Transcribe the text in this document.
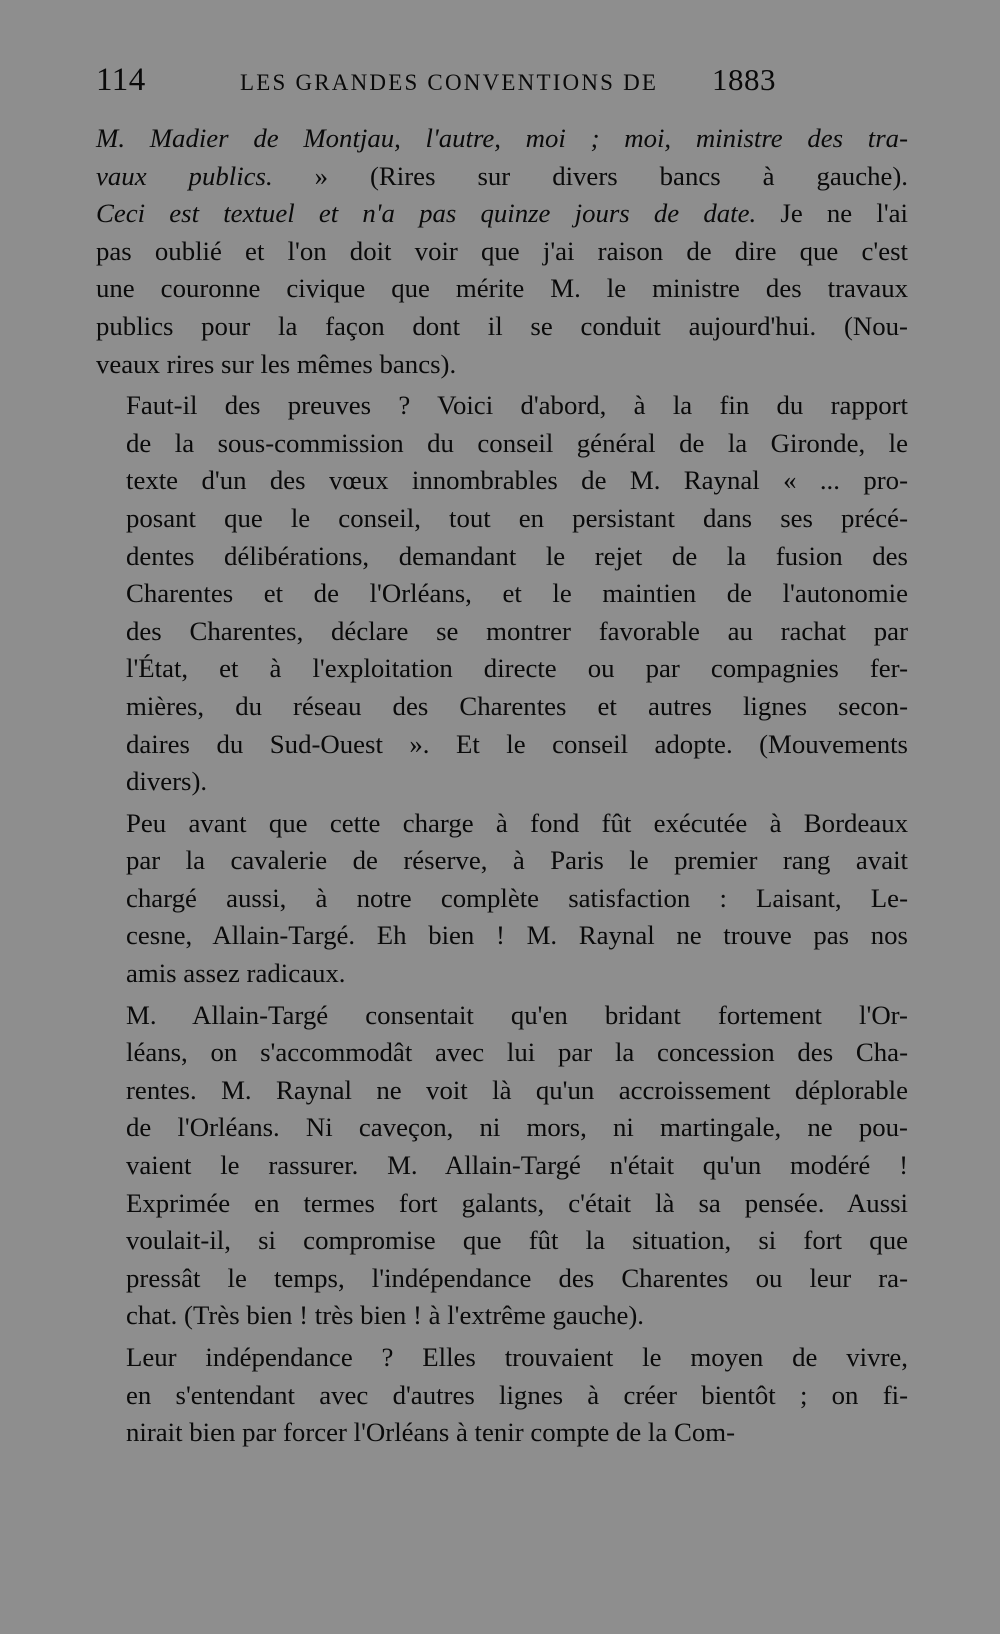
114	LES GRANDES CONVENTIONS DE 1883

M. Madier de Montjau, l'autre, moi ; moi, ministre des tra-
vaux publics. » (Rires sur divers bancs à gauche).
Ceci est textuel et n'a pas quinze jours de date. Je ne l'ai
pas oublié et l'on doit voir que j'ai raison de dire que c'est
une couronne civique que mérite M. le ministre des travaux
publics pour la façon dont il se conduit aujourd'hui. (Nou-
veaux rires sur les mêmes bancs).

Faut-il des preuves ? Voici d'abord, à la fin du rapport
de la sous-commission du conseil général de la Gironde, le
texte d'un des vœux innombrables de M. Raynal « ... pro-
posant que le conseil, tout en persistant dans ses précé-
dentes délibérations, demandant le rejet de la fusion des
Charentes et de l'Orléans, et le maintien de l'autonomie
des Charentes, déclare se montrer favorable au rachat par
l'État, et à l'exploitation directe ou par compagnies fer-
mières, du réseau des Charentes et autres lignes secon-
daires du Sud-Ouest ». Et le conseil adopte. (Mouvements
divers).

Peu avant que cette charge à fond fût exécutée à Bordeaux
par la cavalerie de réserve, à Paris le premier rang avait
chargé aussi, à notre complète satisfaction : Laisant, Le-
cesne, Allain-Targé. Eh bien ! M. Raynal ne trouve pas nos
amis assez radicaux.

M. Allain-Targé consentait qu'en bridant fortement l'Or-
léans, on s'accommodât avec lui par la concession des Cha-
rentes. M. Raynal ne voit là qu'un accroissement déplorable
de l'Orléans. Ni caveçon, ni mors, ni martingale, ne pou-
vaient le rassurer. M. Allain-Targé n'était qu'un modéré !
Exprimée en termes fort galants, c'était là sa pensée. Aussi
voulait-il, si compromise que fût la situation, si fort que
pressât le temps, l'indépendance des Charentes ou leur ra-
chat. (Très bien ! très bien ! à l'extrême gauche).

Leur indépendance ? Elles trouvaient le moyen de vivre,
en s'entendant avec d'autres lignes à créer bientôt ; on fi-
nirait bien par forcer l'Orléans à tenir compte de la Com-
